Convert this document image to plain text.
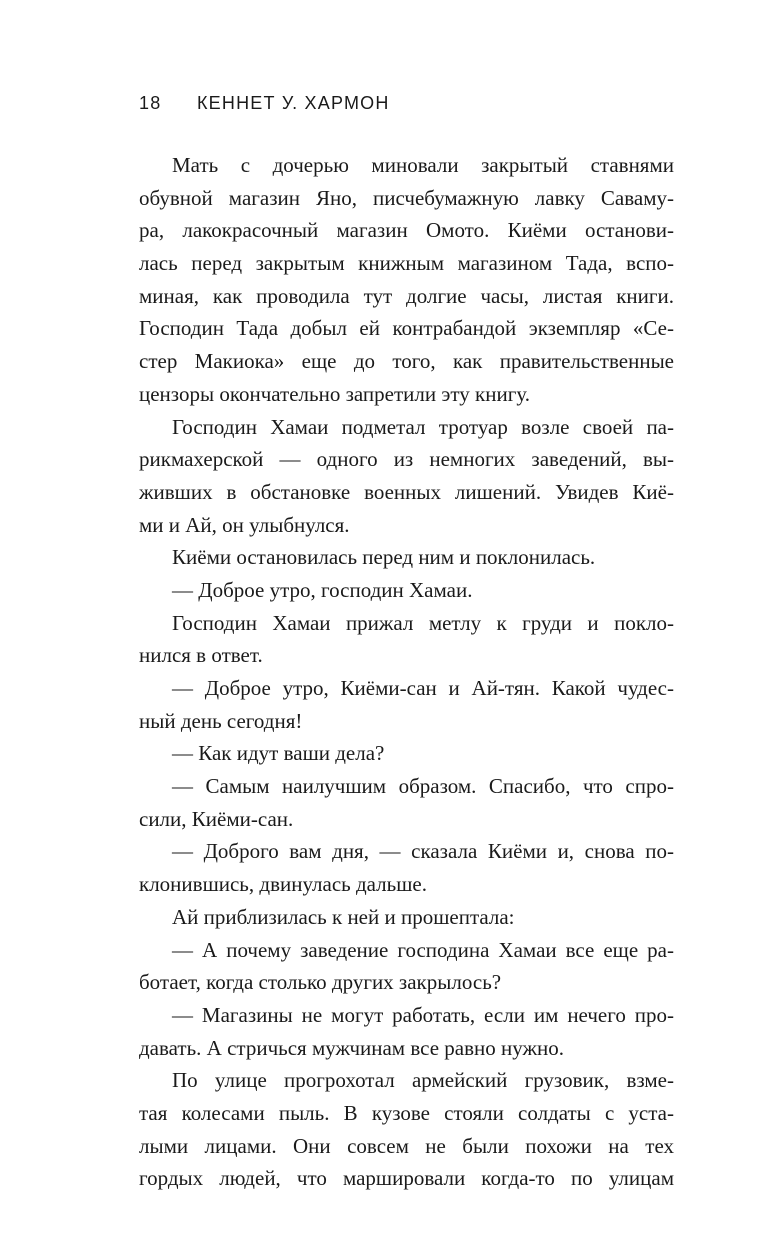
18 КЕННЕТ У. ХАРМОН
Мать с дочерью миновали закрытый ставнями
обувной магазин Яно, писчебумажную лавку Савамy-
ра, лакокрасочный магазин Омото. Киёми останови-
лась перед закрытым книжным магазином Тада, вспо-
миная, как проводила тут долгие часы, листая книги.
Господин Тада добыл ей контрабандой экземпляр «Се-
стер Макиока» еще до того, как правительственные
цензоры окончательно запретили эту книгу.
Господин Хамаи подметал тротуар возле своей па-
рикмахерской — одного из немногих заведений, вы-
живших в обстановке военных лишений. Увидев Киё-
ми и Ай, он улыбнулся.
Киёми остановилась перед ним и поклонилась.
— Доброе утро, господин Хамаи.
Господин Хамаи прижал метлу к груди и покло-
нился в ответ.
— Доброе утро, Киёми-сан и Ай-тян. Какой чудес-
ный день сегодня!
— Как идут ваши дела?
— Самым наилучшим образом. Спасибо, что спро-
сили, Киёми-сан.
— Доброго вам дня, — сказала Киёми и, снова по-
клонившись, двинулась дальше.
Ай приблизилась к ней и прошептала:
— А почему заведение господина Хамаи все еще ра-
ботает, когда столько других закрылось?
— Магазины не могут работать, если им нечего про-
давать. А стричься мужчинам все равно нужно.
По улице прогрохотал армейский грузовик, взме-
тая колесами пыль. В кузове стояли солдаты с уста-
лыми лицами. Они совсем не были похожи на тех
гордых людей, что маршировали когда-то по улицам
